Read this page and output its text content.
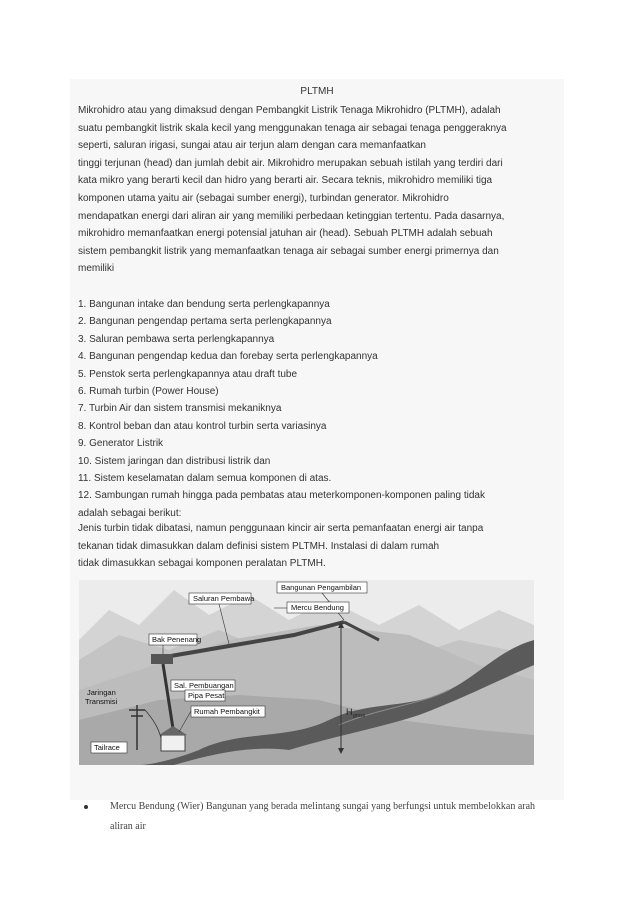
PLTMH
Mikrohidro atau yang dimaksud dengan Pembangkit Listrik Tenaga Mikrohidro (PLTMH), adalah
suatu pembangkit listrik skala kecil yang menggunakan tenaga air sebagai tenaga penggeraknya
seperti, saluran irigasi, sungai atau air terjun alam dengan cara memanfaatkan
tinggi terjunan (head) dan jumlah debit air. Mikrohidro merupakan sebuah istilah yang terdiri dari
kata mikro yang berarti kecil dan hidro yang berarti air. Secara teknis, mikrohidro memiliki tiga
komponen utama yaitu air (sebagai sumber energi), turbindan generator. Mikrohidro
mendapatkan energi dari aliran air yang memiliki perbedaan ketinggian tertentu. Pada dasarnya,
mikrohidro memanfaatkan energi potensial jatuhan air (head). Sebuah PLTMH adalah sebuah
sistem pembangkit listrik yang memanfaatkan tenaga air sebagai sumber energi primernya dan
memiliki
1. Bangunan intake dan bendung serta perlengkapannya
2. Bangunan pengendap pertama serta perlengkapannya
3. Saluran pembawa serta perlengkapannya
4. Bangunan pengendap kedua dan forebay serta perlengkapannya
5. Penstok serta perlengkapannya atau draft tube
6. Rumah turbin (Power House)
7. Turbin Air dan sistem transmisi mekaniknya
8. Kontrol beban dan atau kontrol turbin serta variasinya
9. Generator Listrik
10. Sistem jaringan dan distribusi listrik dan
11. Sistem keselamatan dalam semua komponen di atas.
12. Sambungan rumah hingga pada pembatas atau meterkomponen-komponen paling tidak
adalah sebagai berikut:
Jenis turbin tidak dibatasi, namun penggunaan kincir air serta pemanfaatan energi air tanpa
tekanan tidak dimasukkan dalam definisi sistem PLTMH. Instalasi di dalam rumah
tidak dimasukkan sebagai komponen peralatan PLTMH.
H gross
Bangunan Pengambilan
Saluran Pembawa
Mercu Bendung
Bak Penenang
Sal. Pembuangan
Jaringan
Transmisi
Pipa Pesat
Rumah Pembangkit
Tailrace
Mercu Bendung (Wier) Bangunan yang berada melintang sungai yang berfungsi untuk membelokkan arah
aliran air
